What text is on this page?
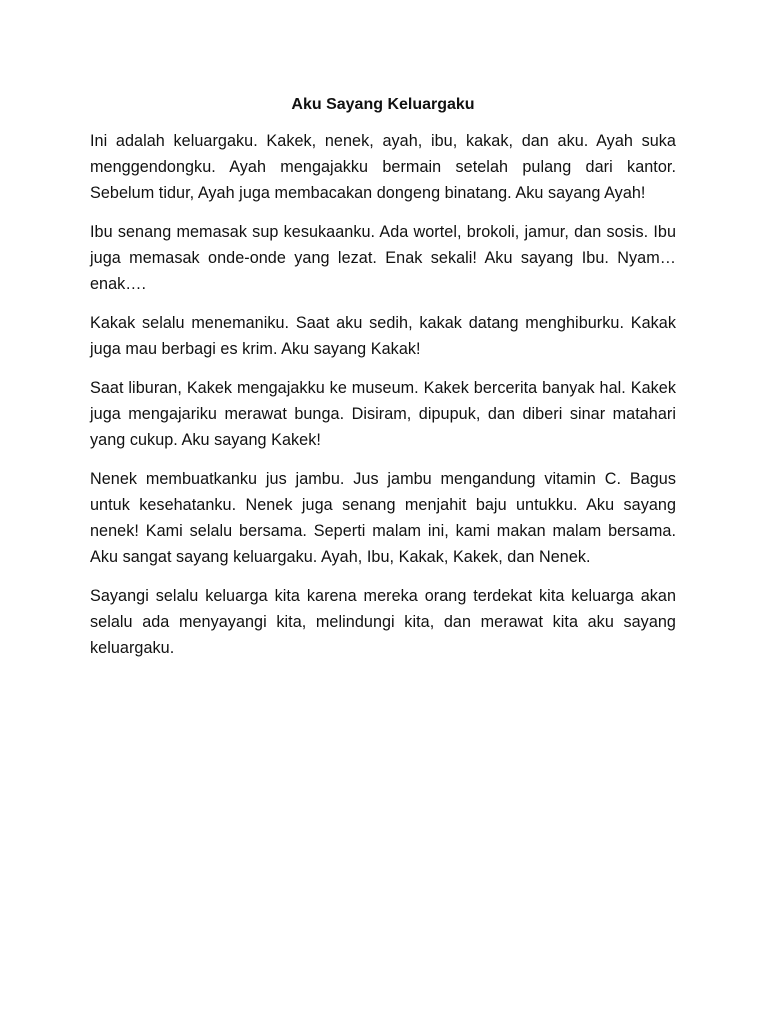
Aku Sayang Keluargaku

Ini adalah keluargaku. Kakek, nenek, ayah, ibu, kakak, dan aku. Ayah suka menggendongku. Ayah mengajakku bermain setelah pulang dari kantor. Sebelum tidur, Ayah juga membacakan dongeng binatang. Aku sayang Ayah!

Ibu senang memasak sup kesukaanku. Ada wortel, brokoli, jamur, dan sosis. Ibu juga memasak onde-onde yang lezat. Enak sekali! Aku sayang Ibu. Nyam… enak….

Kakak selalu menemaniku. Saat aku sedih, kakak datang menghiburku. Kakak juga mau berbagi es krim. Aku sayang Kakak!

Saat liburan, Kakek mengajakku ke museum. Kakek bercerita banyak hal. Kakek juga mengajariku merawat bunga. Disiram, dipupuk, dan diberi sinar matahari yang cukup. Aku sayang Kakek!

Nenek membuatkanku jus jambu. Jus jambu mengandung vitamin C. Bagus untuk kesehatanku. Nenek juga senang menjahit baju untukku. Aku sayang nenek! Kami selalu bersama. Seperti malam ini, kami makan malam bersama. Aku sangat sayang keluargaku. Ayah, Ibu, Kakak, Kakek, dan Nenek.

Sayangi selalu keluarga kita karena mereka orang terdekat kita keluarga akan selalu ada menyayangi kita, melindungi kita, dan merawat kita aku sayang keluargaku.
